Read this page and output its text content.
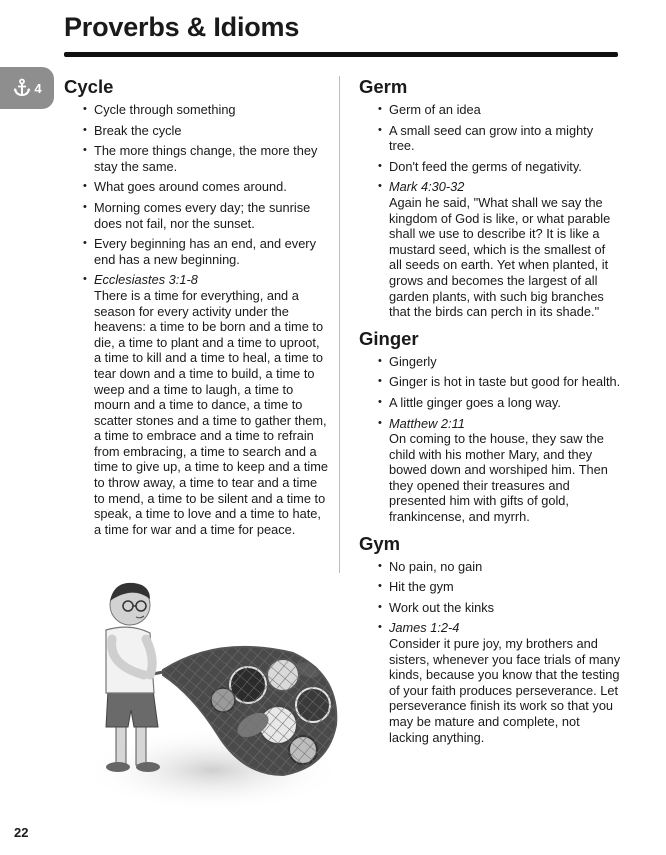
Proverbs & Idioms
4 Cycle
• Cycle through something
• Break the cycle
• The more things change, the more they stay the same.
• What goes around comes around.
• Morning comes every day; the sunrise does not fail, nor the sunset.
• Every beginning has an end, and every end has a new beginning.
• Ecclesiastes 3:1-8
There is a time for everything, and a season for every activity under the heavens: a time to be born and a time to die, a time to plant and a time to uproot, a time to kill and a time to heal, a time to tear down and a time to build, a time to weep and a time to laugh, a time to mourn and a time to dance, a time to scatter stones and a time to gather them, a time to embrace and a time to refrain from embracing, a time to search and a time to give up, a time to keep and a time to throw away, a time to tear and a time to mend, a time to be silent and a time to speak, a time to love and a time to hate, a time for war and a time for peace.
Germ
• Germ of an idea
• A small seed can grow into a mighty tree.
• Don't feed the germs of negativity.
• Mark 4:30-32
Again he said, "What shall we say the kingdom of God is like, or what parable shall we use to describe it? It is like a mustard seed, which is the smallest of all seeds on earth. Yet when planted, it grows and becomes the largest of all garden plants, with such big branches that the birds can perch in its shade."
Ginger
• Gingerly
• Ginger is hot in taste but good for health.
• A little ginger goes a long way.
• Matthew 2:11
On coming to the house, they saw the child with his mother Mary, and they bowed down and worshiped him. Then they opened their treasures and presented him with gifts of gold, frankincense, and myrrh.
Gym
• No pain, no gain
• Hit the gym
• Work out the kinks
• James 1:2-4
Consider it pure joy, my brothers and sisters, whenever you face trials of many kinds, because you know that the testing of your faith produces perseverance. Let perseverance finish its work so that you may be mature and complete, not lacking anything.
22
